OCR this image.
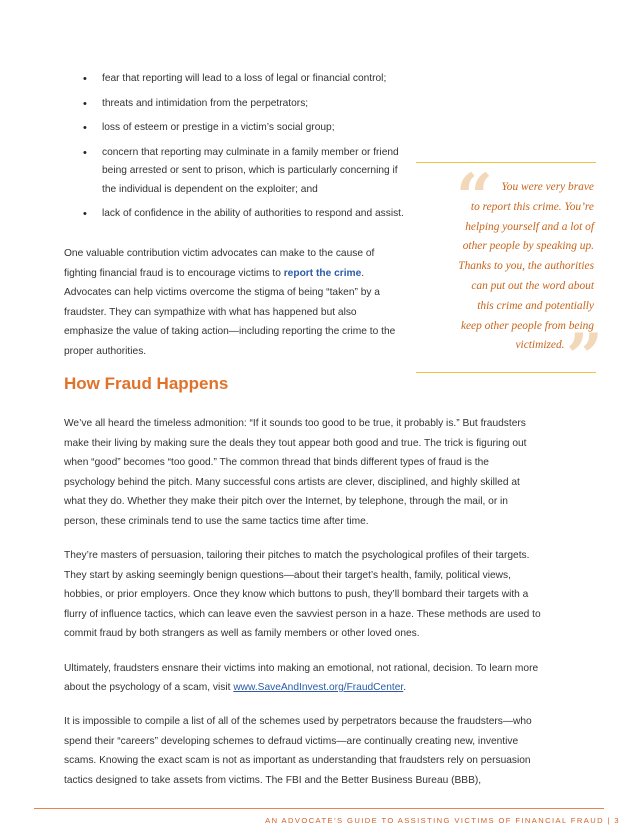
• fear that reporting will lead to a loss of legal or financial control;
• threats and intimidation from the perpetrators;
• loss of esteem or prestige in a victim’s social group;
• concern that reporting may culminate in a family member or friend being arrested or sent to prison, which is particularly concerning if the individual is dependent on the exploiter; and
• lack of confidence in the ability of authorities to respond and assist.

One valuable contribution victim advocates can make to the cause of fighting financial fraud is to encourage victims to report the crime. Advocates can help victims overcome the stigma of being “taken” by a fraudster. They can sympathize with what has happened but also emphasize the value of taking action—including reporting the crime to the proper authorities.

“ You were very brave
to report this crime. You’re
helping yourself and a lot of
other people by speaking up.
Thanks to you, the authorities
can put out the word about
this crime and potentially
keep other people from being
victimized. ”
How Fraud Happens

We’ve all heard the timeless admonition: “If it sounds too good to be true, it probably is.” But fraudsters make their living by making sure the deals they tout appear both good and true. The trick is figuring out when “good” becomes “too good.” The common thread that binds different types of fraud is the psychology behind the pitch. Many successful cons artists are clever, disciplined, and highly skilled at what they do. Whether they make their pitch over the Internet, by telephone, through the mail, or in person, these criminals tend to use the same tactics time after time.

They’re masters of persuasion, tailoring their pitches to match the psychological profiles of their targets. They start by asking seemingly benign questions—about their target’s health, family, political views, hobbies, or prior employers. Once they know which buttons to push, they’ll bombard their targets with a flurry of influence tactics, which can leave even the savviest person in a haze. These methods are used to commit fraud by both strangers as well as family members or other loved ones.

Ultimately, fraudsters ensnare their victims into making an emotional, not rational, decision. To learn more about the psychology of a scam, visit www.SaveAndInvest.org/FraudCenter.

It is impossible to compile a list of all of the schemes used by perpetrators because the fraudsters—who spend their “careers” developing schemes to defraud victims—are continually creating new, inventive scams. Knowing the exact scam is not as important as understanding that fraudsters rely on persuasion tactics designed to take assets from victims. The FBI and the Better Business Bureau (BBB),

AN ADVOCATE’S GUIDE TO ASSISTING VICTIMS OF FINANCIAL FRAUD | 3
